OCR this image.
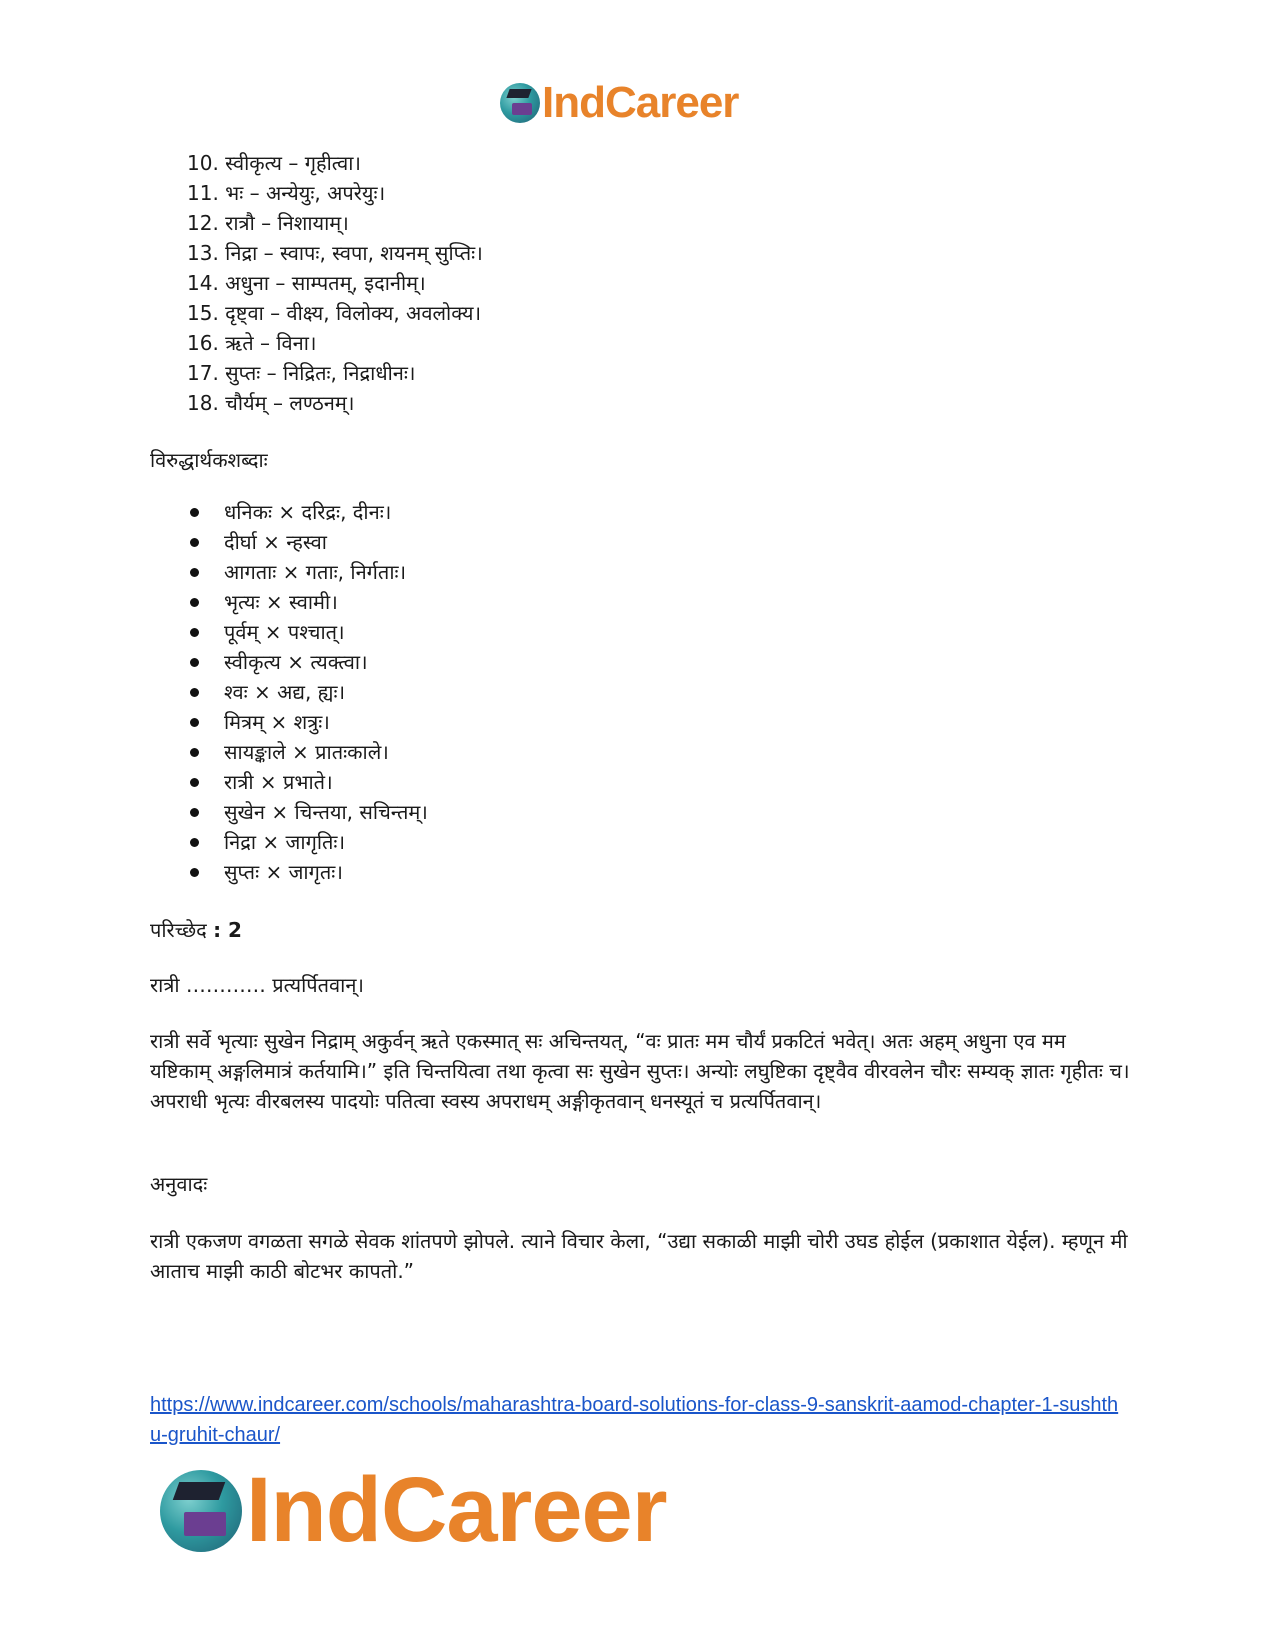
IndCareer
10. स्वीकृत्य – गृहीत्वा।
11. भः – अन्येयुः, अपरेयुः।
12. रात्रौ – निशायाम्।
13. निद्रा – स्वापः, स्वपा, शयनम् सुप्तिः।
14. अधुना – साम्पतम्, इदानीम्।
15. दृष्ट्वा – वीक्ष्य, विलोक्य, अवलोक्य।
16. ऋते – विना।
17. सुप्तः – निद्रितः, निद्राधीनः।
18. चौर्यम् – लण्ठनम्।

विरुद्धार्थकशब्दाः

धनिकः × दरिद्रः, दीनः।
दीर्घा × न्हस्वा
आगताः × गताः, निर्गताः।
भृत्यः × स्वामी।
पूर्वम् × पश्चात्।
स्वीकृत्य × त्यक्त्वा।
श्वः × अद्य, ह्यः।
मित्रम् × शत्रुः।
सायङ्काले × प्रातःकाले।
रात्री × प्रभाते।
सुखेन × चिन्तया, सचिन्तम्।
निद्रा × जागृतिः।
सुप्तः × जागृतः।

परिच्छेद : 2

रात्री ………… प्रत्यर्पितवान्।

रात्री सर्वे भृत्याः सुखेन निद्राम् अकुर्वन् ऋते एकस्मात् सः अचिन्तयत्, “वः प्रातः मम चौर्यं प्रकटितं भवेत्। अतः अहम् अधुना एव मम यष्टिकाम् अङ्गलिमात्रं कर्तयामि।” इति चिन्तयित्वा तथा कृत्वा सः सुखेन सुप्तः। अन्योः लघुष्टिका दृष्ट्वैव वीरवलेन चौरः सम्यक् ज्ञातः गृहीतः च। अपराधी भृत्यः वीरबलस्य पादयोः पतित्वा स्वस्य अपराधम् अङ्गीकृतवान् धनस्यूतं च प्रत्यर्पितवान्।

अनुवादः

रात्री एकजण वगळता सगळे सेवक शांतपणे झोपले. त्याने विचार केला, “उद्या सकाळी माझी चोरी उघड होईल (प्रकाशात येईल). म्हणून मी आताच माझी काठी बोटभर कापतो.”

https://www.indcareer.com/schools/maharashtra-board-solutions-for-class-9-sanskrit-aamod-chapter-1-sushthu-gruhit-chaur/

IndCareer
